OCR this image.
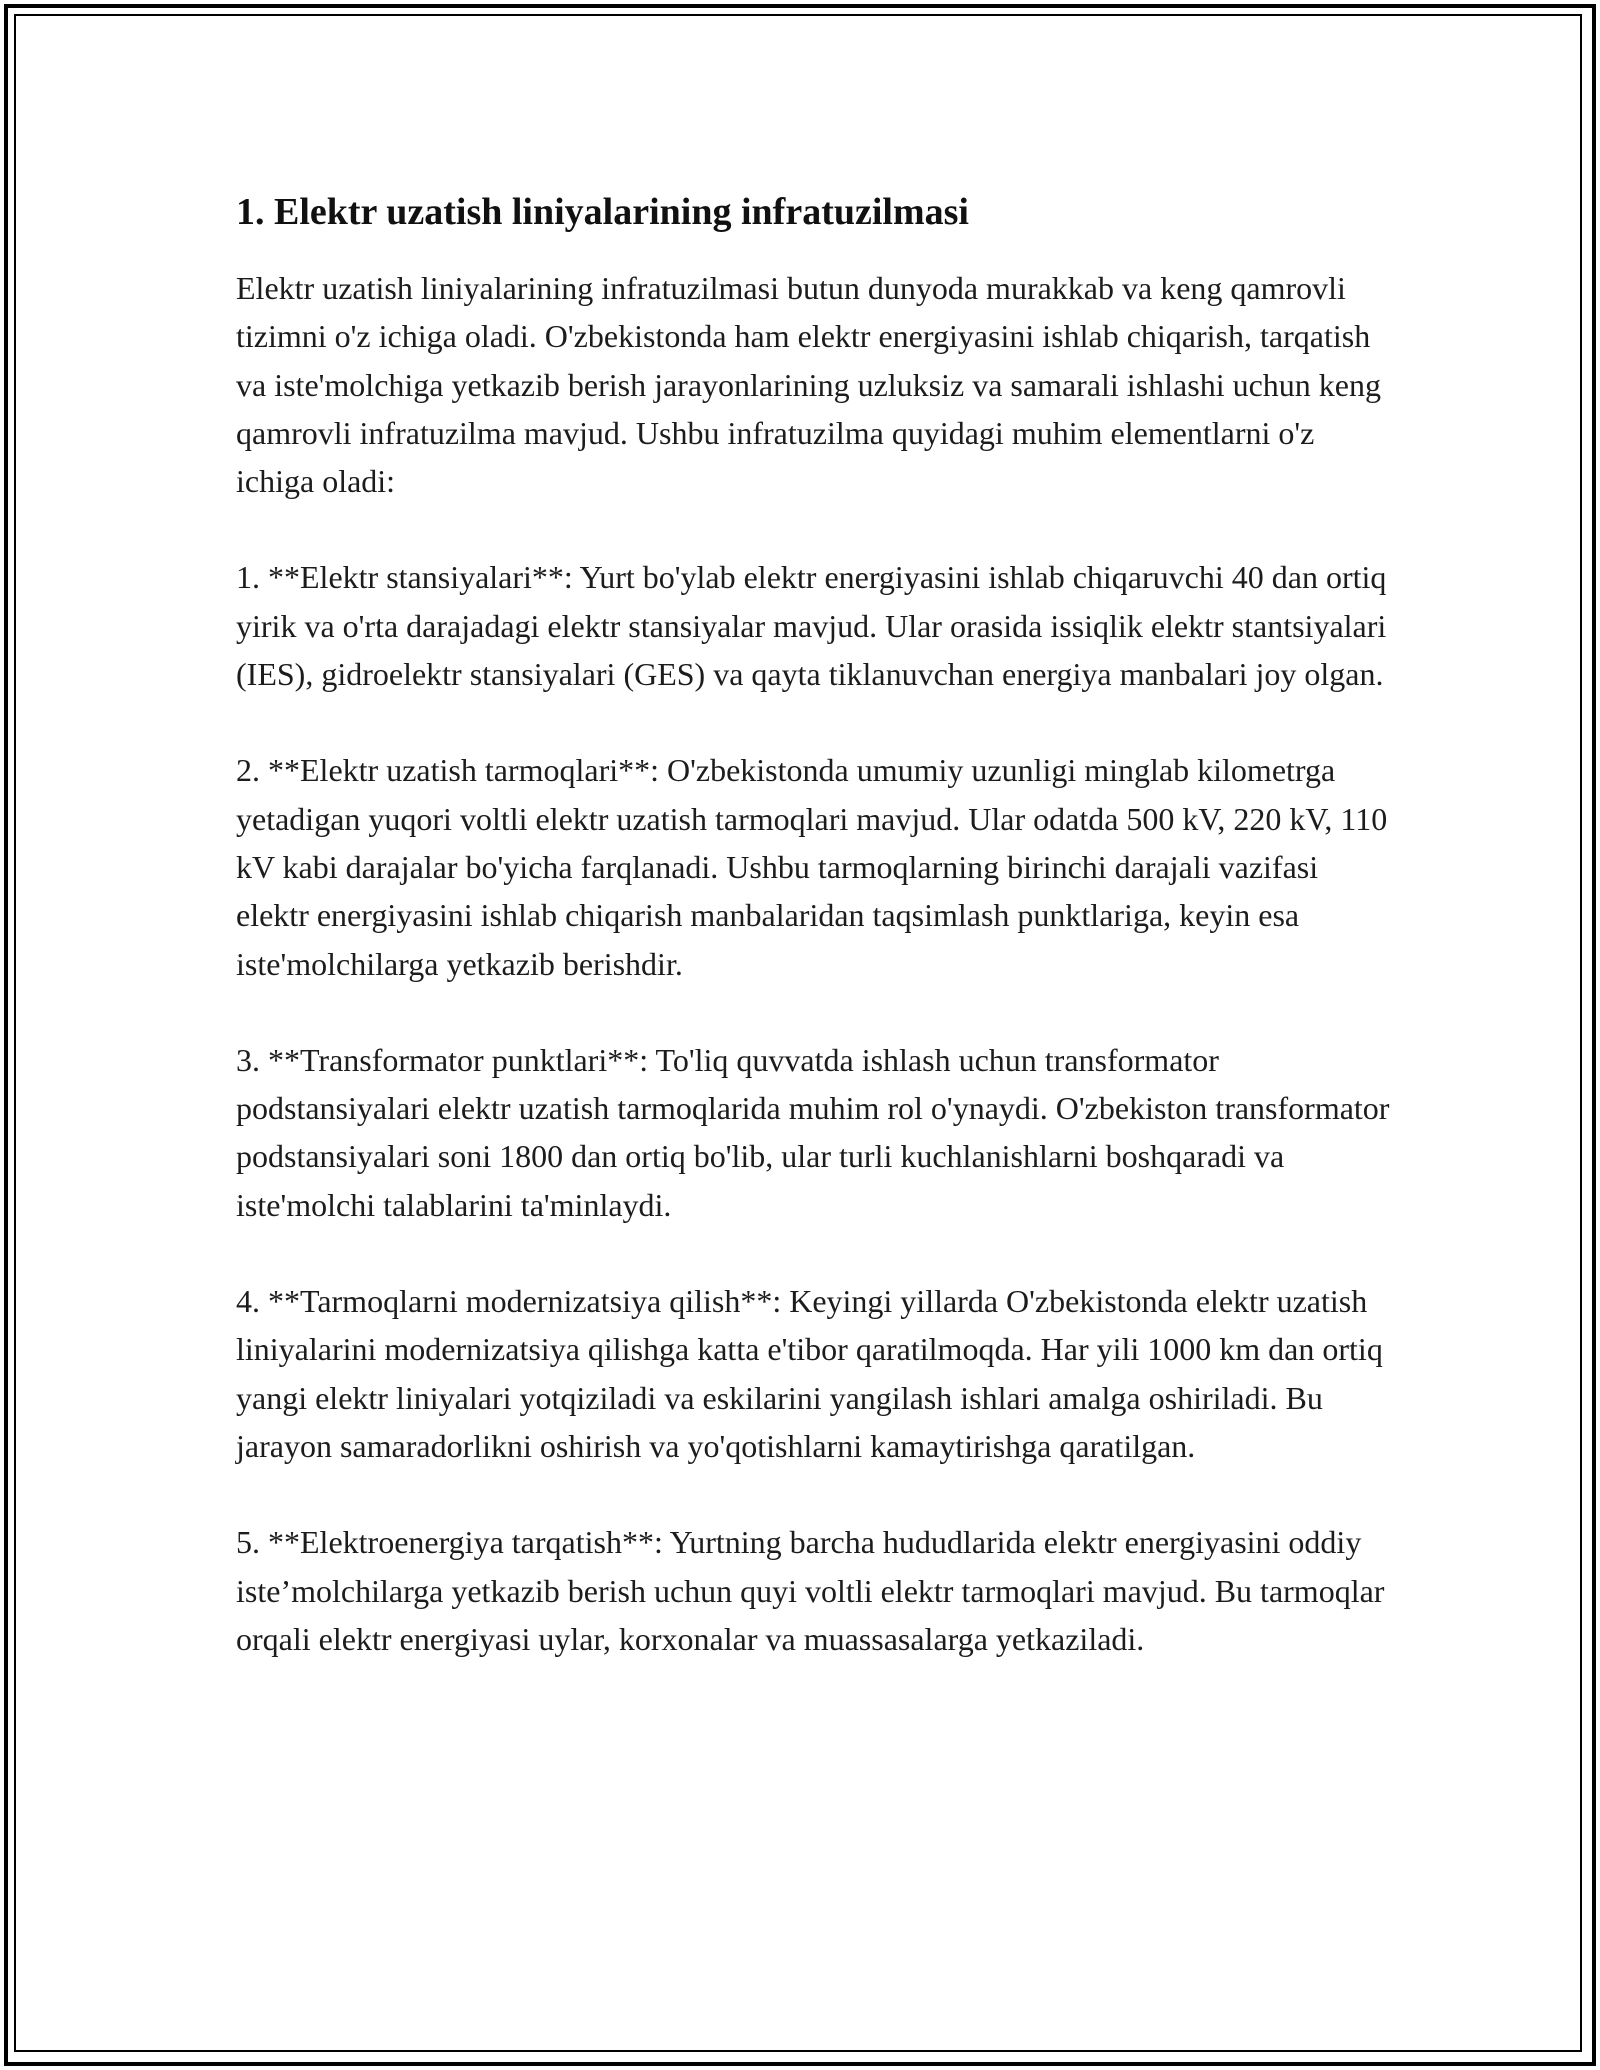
1. Elektr uzatish liniyalarining infratuzilmasi

Elektr uzatish liniyalarining infratuzilmasi butun dunyoda murakkab va keng qamrovli tizimni o'z ichiga oladi. O'zbekistonda ham elektr energiyasini ishlab chiqarish, tarqatish va iste'molchiga yetkazib berish jarayonlarining uzluksiz va samarali ishlashi uchun keng qamrovli infratuzilma mavjud. Ushbu infratuzilma quyidagi muhim elementlarni o'z ichiga oladi:

1. **Elektr stansiyalari**: Yurt bo'ylab elektr energiyasini ishlab chiqaruvchi 40 dan ortiq yirik va o'rta darajadagi elektr stansiyalar mavjud. Ular orasida issiqlik elektr stantsiyalari (IES), gidroelektr stansiyalari (GES) va qayta tiklanuvchan energiya manbalari joy olgan.

2. **Elektr uzatish tarmoqlari**: O'zbekistonda umumiy uzunligi minglab kilometrga yetadigan yuqori voltli elektr uzatish tarmoqlari mavjud. Ular odatda 500 kV, 220 kV, 110 kV kabi darajalar bo'yicha farqlanadi. Ushbu tarmoqlarning birinchi darajali vazifasi elektr energiyasini ishlab chiqarish manbalaridan taqsimlash punktlariga, keyin esa iste'molchilarga yetkazib berishdir.

3. **Transformator punktlari**: To'liq quvvatda ishlash uchun transformator podstansiyalari elektr uzatish tarmoqlarida muhim rol o'ynaydi. O'zbekiston transformator podstansiyalari soni 1800 dan ortiq bo'lib, ular turli kuchlanishlarni boshqaradi va iste'molchi talablarini ta'minlaydi.

4. **Tarmoqlarni modernizatsiya qilish**: Keyingi yillarda O'zbekistonda elektr uzatish liniyalarini modernizatsiya qilishga katta e'tibor qaratilmoqda. Har yili 1000 km dan ortiq yangi elektr liniyalari yotqiziladi va eskilarini yangilash ishlari amalga oshiriladi. Bu jarayon samaradorlikni oshirish va yo'qotishlarni kamaytirishga qaratilgan.

5. **Elektroenergiya tarqatish**: Yurtning barcha hududlarida elektr energiyasini oddiy iste’molchilarga yetkazib berish uchun quyi voltli elektr tarmoqlari mavjud. Bu tarmoqlar orqali elektr energiyasi uylar, korxonalar va muassasalarga yetkaziladi.
